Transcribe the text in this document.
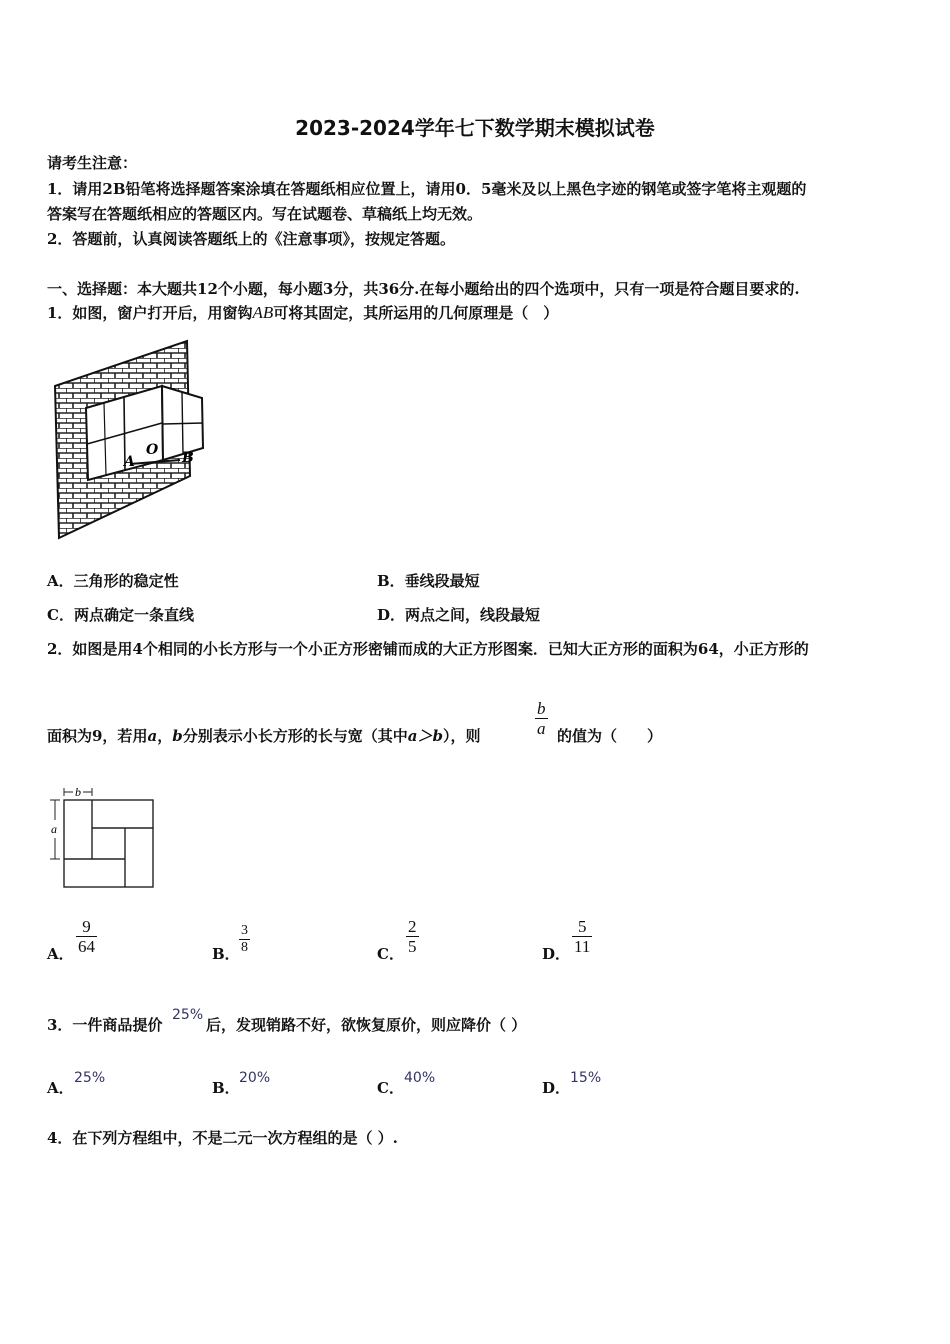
2023-2024学年七下数学期末模拟试卷
请考生注意：
1．请用2B铅笔将选择题答案涂填在答题纸相应位置上，请用0．5毫米及以上黑色字迹的钢笔或签字笔将主观题的
答案写在答题纸相应的答题区内。写在试题卷、草稿纸上均无效。
2．答题前，认真阅读答题纸上的《注意事项》，按规定答题。
一、选择题：本大题共12个小题，每小题3分，共36分.在每小题给出的四个选项中，只有一项是符合题目要求的.
1．如图，窗户打开后，用窗钩AB可将其固定，其所运用的几何原理是（　）
A
O B
A．三角形的稳定性	B．垂线段最短
C．两点确定一条直线	D．两点之间，线段最短
2．如图是用4个相同的小长方形与一个小正方形密铺而成的大正方形图案．已知大正方形的面积为64，小正方形的
面积为9，若用a，b分别表示小长方形的长与宽（其中a＞b），则	$\frac{b}{a}$ 的值为（　　）
b
a
A． $\frac{9}{64}$	B． $\frac{3}{8}$	C． $\frac{2}{5}$	D． $\frac{5}{11}$
3．一件商品提价
25%
后，发现销路不好，欲恢复原价，则应降价（ ）
A．
25%
B．
20%
C．
40%
D．
15%
4．在下列方程组中，不是二元一次方程组的是（ ）.
